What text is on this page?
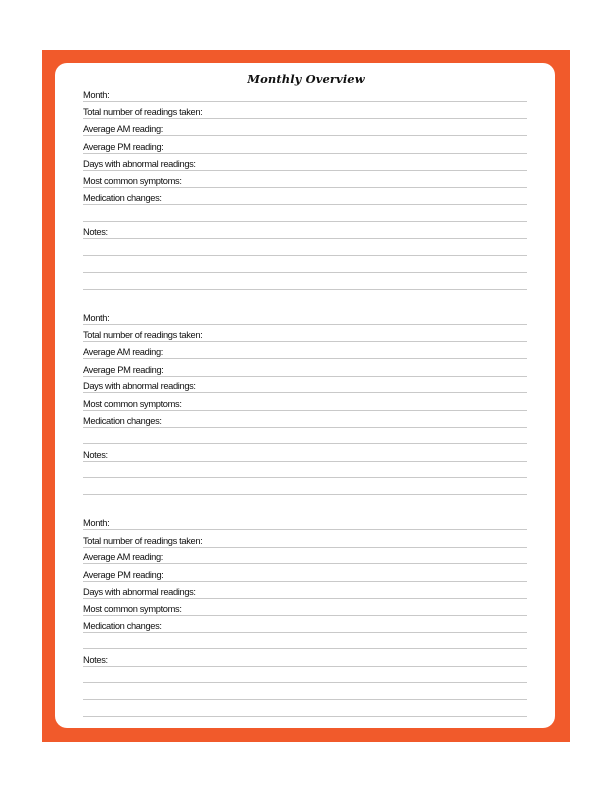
Monthly Overview
Month:
Total number of readings taken:
Average AM reading:
Average PM reading:
Days with abnormal readings:
Most common symptoms:
Medication changes:
Notes:
Month:
Total number of readings taken:
Average AM reading:
Average PM reading:
Days with abnormal readings:
Most common symptoms:
Medication changes:
Notes:
Month:
Total number of readings taken:
Average AM reading:
Average PM reading:
Days with abnormal readings:
Most common symptoms:
Medication changes:
Notes:
